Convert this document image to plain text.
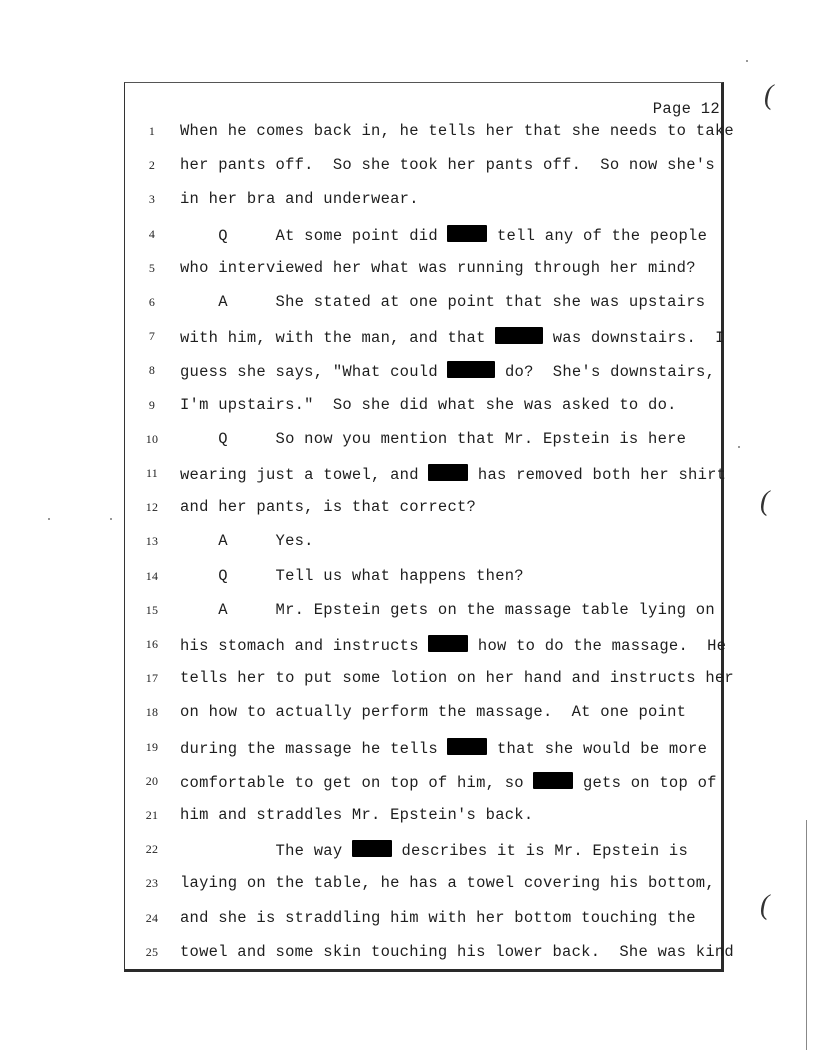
Page 12
1	When he comes back in, he tells her that she needs to take
2	her pants off.  So she took her pants off.  So now she's
3	in her bra and underwear.
4	Q     At some point did	tell any of the people
5	who interviewed her what was running through her mind?
6	A     She stated at one point that she was upstairs
7	with him, with the man, and that	was downstairs.  I
8	guess she says, "What could	do?  She's downstairs,
9	I'm upstairs."  So she did what she was asked to do.
10 Q     So now you mention that Mr. Epstein is here
11 wearing just a towel, and	has removed both her shirt
12 and her pants, is that correct?
13 A     Yes.
14 Q     Tell us what happens then?
15 A     Mr. Epstein gets on the massage table lying on
16 his stomach and instructs	how to do the massage.  He
17 tells her to put some lotion on her hand and instructs her
18 on how to actually perform the massage.  At one point
19 during the massage he tells	that she would be more
20 comfortable to get on top of him, so	gets on top of
21 him and straddles Mr. Epstein's back.
22 The way	describes it is Mr. Epstein is
23 laying on the table, he has a towel covering his bottom,
24 and she is straddling him with her bottom touching the
25 towel and some skin touching his lower back.  She was kind
(
(
(
